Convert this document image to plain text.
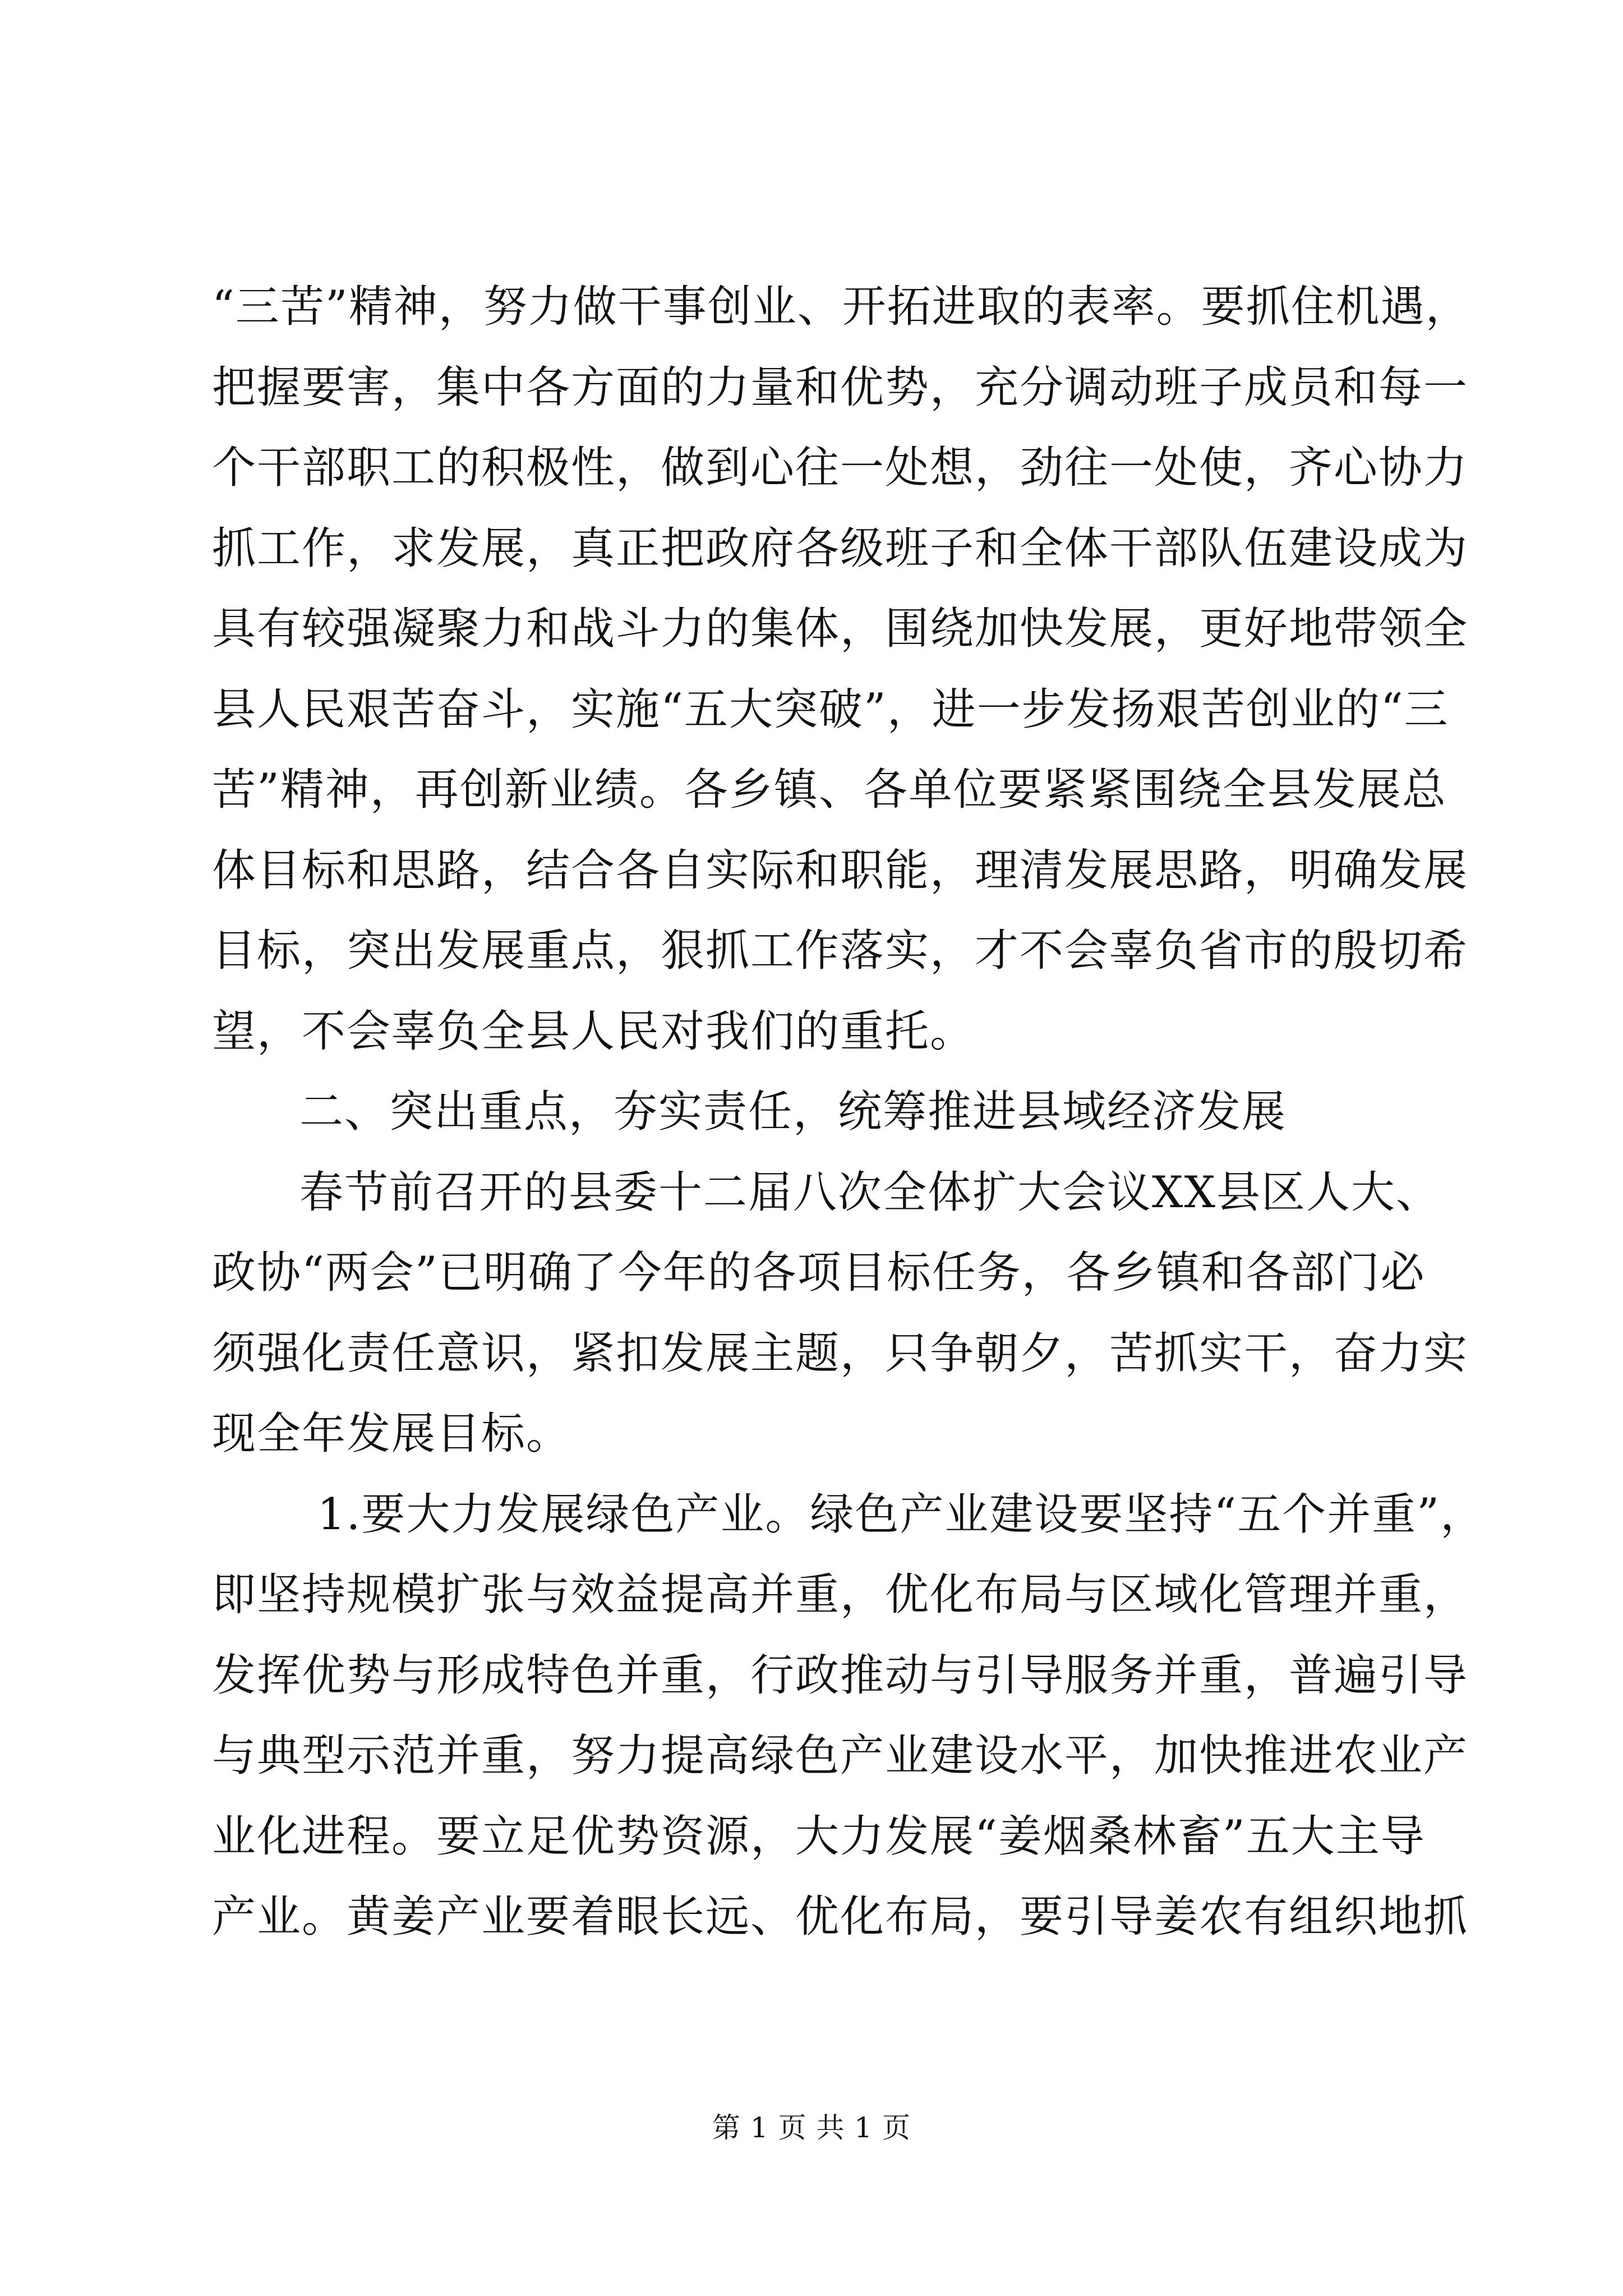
“三苦”精神，努力做干事创业、开拓进取的表率。要抓住机遇，
把握要害，集中各方面的力量和优势，充分调动班子成员和每一
个干部职工的积极性，做到心往一处想，劲往一处使，齐心协力
抓工作，求发展，真正把政府各级班子和全体干部队伍建设成为
具有较强凝聚力和战斗力的集体，围绕加快发展，更好地带领全
县人民艰苦奋斗，实施“五大突破”，进一步发扬艰苦创业的“三
苦”精神，再创新业绩。各乡镇、各单位要紧紧围绕全县发展总
体目标和思路，结合各自实际和职能，理清发展思路，明确发展
目标，突出发展重点，狠抓工作落实，才不会辜负省市的殷切希
望，不会辜负全县人民对我们的重托。
二、突出重点，夯实责任，统筹推进县域经济发展
春节前召开的县委十二届八次全体扩大会议XX县区人大、
政协“两会”已明确了今年的各项目标任务，各乡镇和各部门必
须强化责任意识，紧扣发展主题，只争朝夕，苦抓实干，奋力实
现全年发展目标。
1.要大力发展绿色产业。绿色产业建设要坚持“五个并重”，
即坚持规模扩张与效益提高并重，优化布局与区域化管理并重，
发挥优势与形成特色并重，行政推动与引导服务并重，普遍引导
与典型示范并重，努力提高绿色产业建设水平，加快推进农业产
业化进程。要立足优势资源，大力发展“姜烟桑林畜”五大主导
产业。黄姜产业要着眼长远、优化布局，要引导姜农有组织地抓
第 1 页 共 1 页
